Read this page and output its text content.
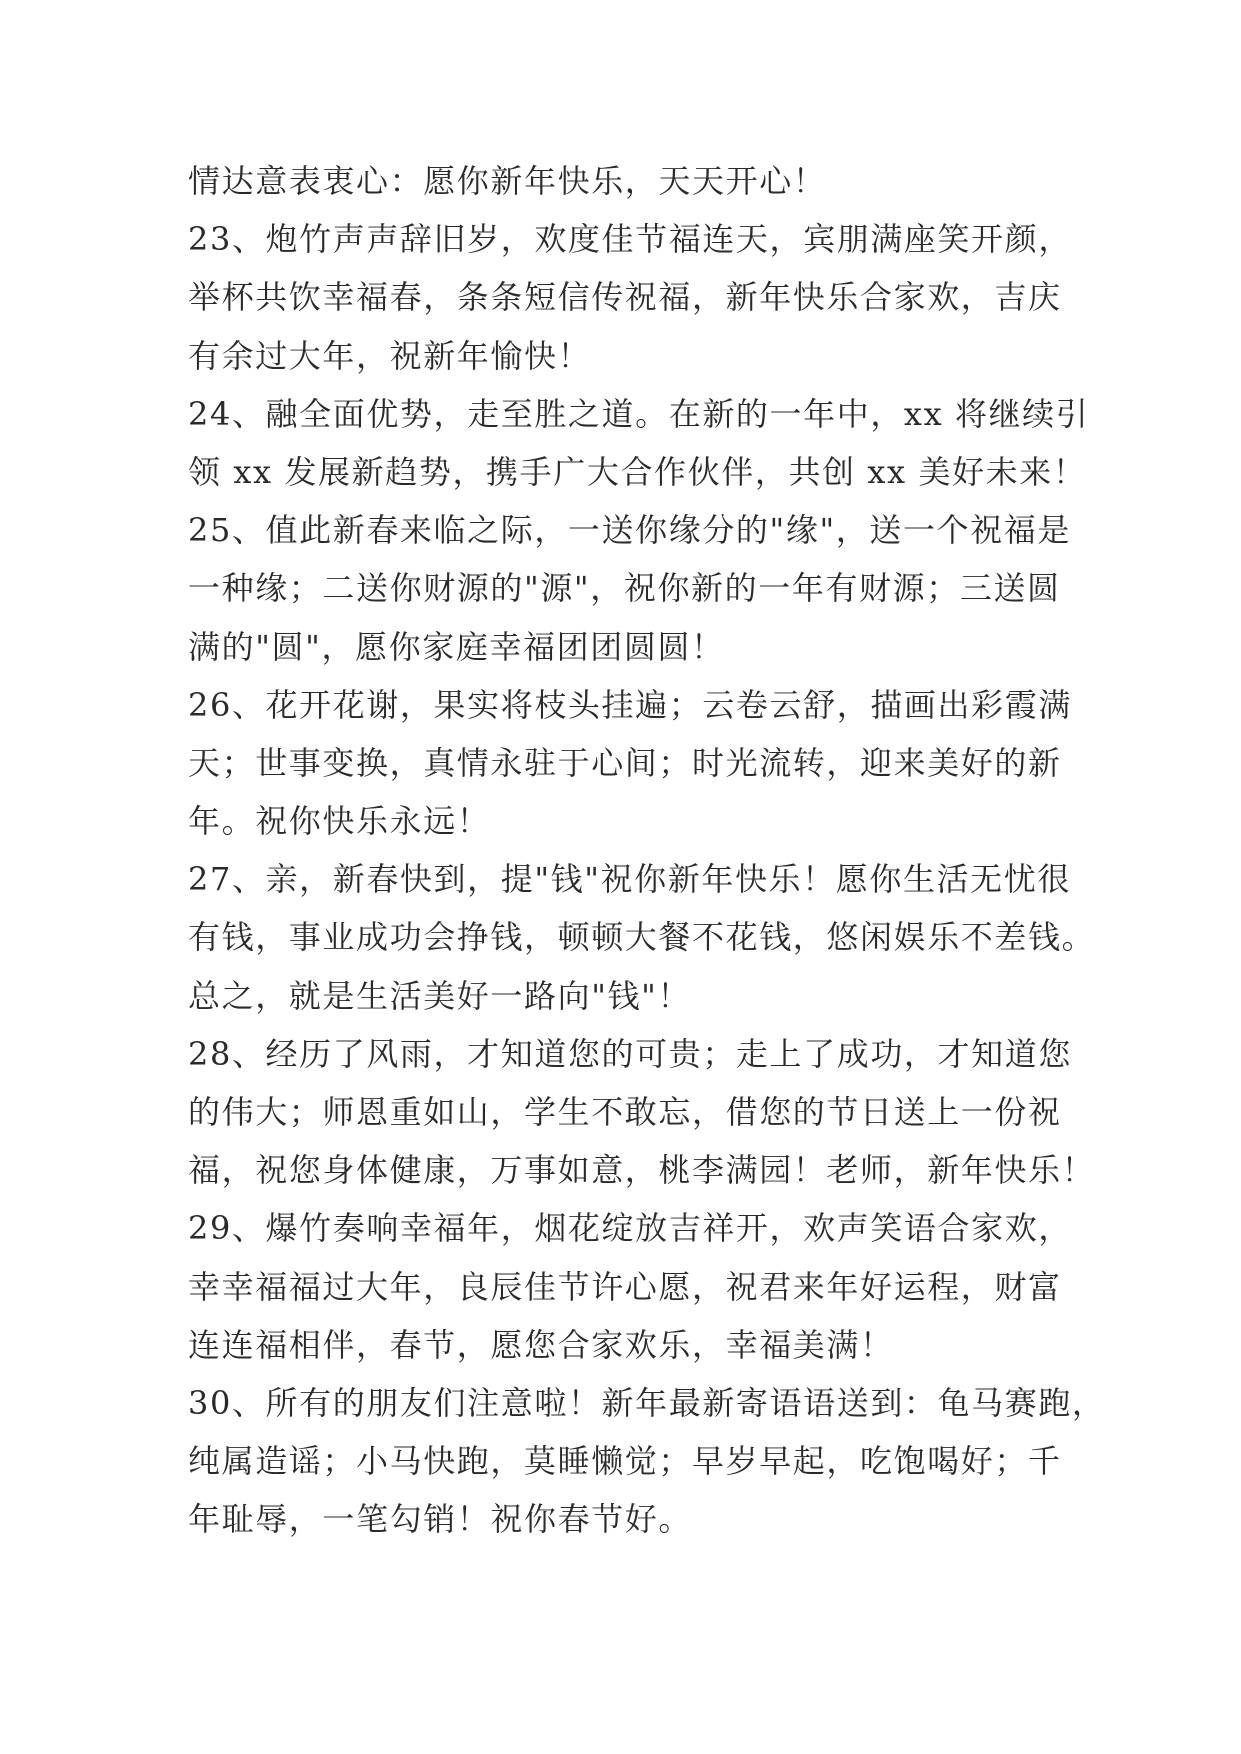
情达意表衷心：愿你新年快乐，天天开心！
23、炮竹声声辞旧岁，欢度佳节福连天，宾朋满座笑开颜，
举杯共饮幸福春，条条短信传祝福，新年快乐合家欢，吉庆
有余过大年，祝新年愉快！
24、融全面优势，走至胜之道。在新的一年中，xx 将继续引
领 xx 发展新趋势，携手广大合作伙伴，共创 xx 美好未来！
25、值此新春来临之际，一送你缘分的"缘"，送一个祝福是
一种缘；二送你财源的"源"，祝你新的一年有财源；三送圆
满的"圆"，愿你家庭幸福团团圆圆！
26、花开花谢，果实将枝头挂遍；云卷云舒，描画出彩霞满
天；世事变换，真情永驻于心间；时光流转，迎来美好的新
年。祝你快乐永远！
27、亲，新春快到，提"钱"祝你新年快乐！愿你生活无忧很
有钱，事业成功会挣钱，顿顿大餐不花钱，悠闲娱乐不差钱。
总之，就是生活美好一路向"钱"！
28、经历了风雨，才知道您的可贵；走上了成功，才知道您
的伟大；师恩重如山，学生不敢忘，借您的节日送上一份祝
福，祝您身体健康，万事如意，桃李满园！老师，新年快乐！
29、爆竹奏响幸福年，烟花绽放吉祥开，欢声笑语合家欢，
幸幸福福过大年，良辰佳节许心愿，祝君来年好运程，财富
连连福相伴，春节，愿您合家欢乐，幸福美满！
30、所有的朋友们注意啦！新年最新寄语语送到：龟马赛跑，
纯属造谣；小马快跑，莫睡懒觉；早岁早起，吃饱喝好；千
年耻辱，一笔勾销！祝你春节好。
